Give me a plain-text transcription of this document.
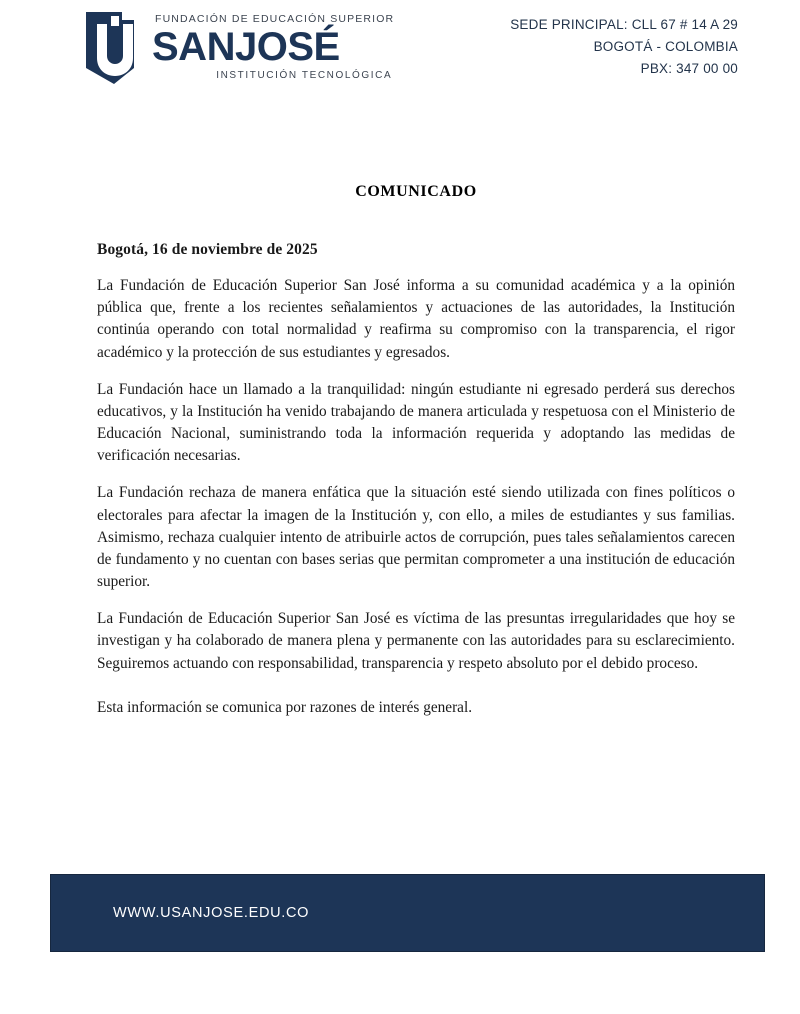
FUNDACIÓN DE EDUCACIÓN SUPERIOR
SANJOSÉ
INSTITUCIÓN TECNOLÓGICA
SEDE PRINCIPAL: CLL 67 # 14 A 29
BOGOTÁ - COLOMBIA
PBX: 347 00 00
COMUNICADO

Bogotá, 16 de noviembre de 2025

La Fundación de Educación Superior San José informa a su comunidad académica y a la opinión pública que, frente a los recientes señalamientos y actuaciones de las autoridades, la Institución continúa operando con total normalidad y reafirma su compromiso con la transparencia, el rigor académico y la protección de sus estudiantes y egresados.

La Fundación hace un llamado a la tranquilidad: ningún estudiante ni egresado perderá sus derechos educativos, y la Institución ha venido trabajando de manera articulada y respetuosa con el Ministerio de Educación Nacional, suministrando toda la información requerida y adoptando las medidas de verificación necesarias.

La Fundación rechaza de manera enfática que la situación esté siendo utilizada con fines políticos o electorales para afectar la imagen de la Institución y, con ello, a miles de estudiantes y sus familias. Asimismo, rechaza cualquier intento de atribuirle actos de corrupción, pues tales señalamientos carecen de fundamento y no cuentan con bases serias que permitan comprometer a una institución de educación superior.

La Fundación de Educación Superior San José es víctima de las presuntas irregularidades que hoy se investigan y ha colaborado de manera plena y permanente con las autoridades para su esclarecimiento. Seguiremos actuando con responsabilidad, transparencia y respeto absoluto por el debido proceso.

Esta información se comunica por razones de interés general.

WWW.USANJOSE.EDU.CO
